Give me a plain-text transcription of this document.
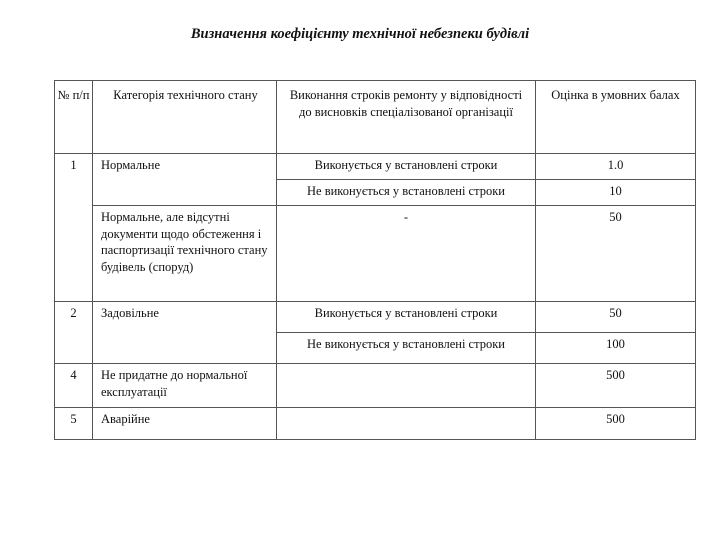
Визначення коефіцієнту технічної небезпеки будівлі
№ п/п	Категорія технічного стану	Виконання строків ремонту у відповідності до висновків спеціалізованої організації	Оцінка в умовних балах
1	Нормальне	Виконується у встановлені строки	1.0
		Не виконується у встановлені строки	10
	Нормальне, але відсутні документи щодо обстеження і паспортизації технічного стану будівель (споруд)	-	50
2	Задовільне	Виконується у встановлені строки	50
		Не виконується у встановлені строки	100
4	Не придатне до нормальної експлуатації		500
5	Аварійне		500
